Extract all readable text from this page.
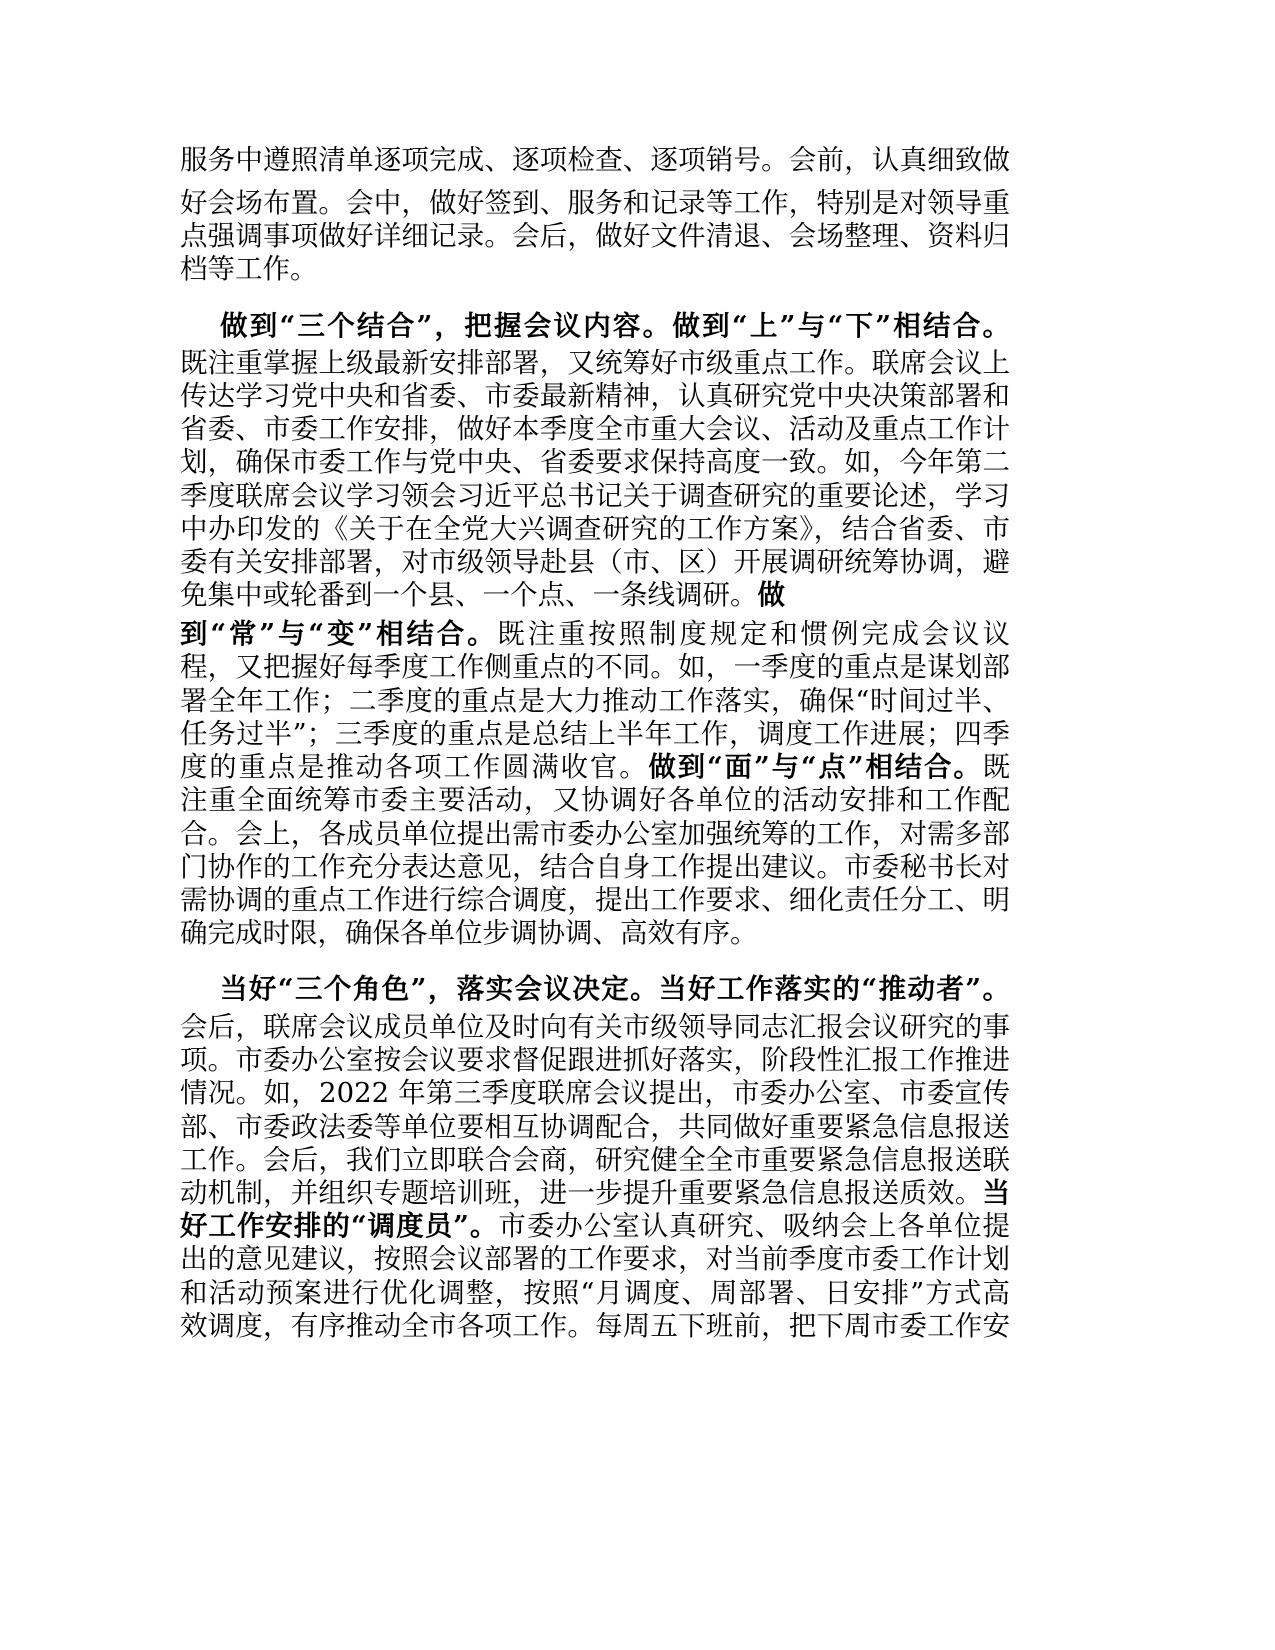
服务中遵照清单逐项完成、逐项检查、逐项销号。会前，认真细致做
好会场布置。会中，做好签到、服务和记录等工作，特别是对领导重
点强调事项做好详细记录。会后，做好文件清退、会场整理、资料归
档等工作。
做到“三个结合”，把握会议内容。做到“上”与“下”相结合。
既注重掌握上级最新安排部署，又统筹好市级重点工作。联席会议上
传达学习党中央和省委、市委最新精神，认真研究党中央决策部署和
省委、市委工作安排，做好本季度全市重大会议、活动及重点工作计
划，确保市委工作与党中央、省委要求保持高度一致。如，今年第二
季度联席会议学习领会习近平总书记关于调查研究的重要论述，学习
中办印发的《关于在全党大兴调查研究的工作方案》，结合省委、市
委有关安排部署，对市级领导赴县（市、区）开展调研统筹协调，避
免集中或轮番到一个县、一个点、一条线调研。做
到“常”与“变”相结合。既注重按照制度规定和惯例完成会议议
程，又把握好每季度工作侧重点的不同。如，一季度的重点是谋划部
署全年工作；二季度的重点是大力推动工作落实，确保“时间过半、
任务过半”；三季度的重点是总结上半年工作，调度工作进展；四季
度的重点是推动各项工作圆满收官。做到“面”与“点”相结合。既
注重全面统筹市委主要活动，又协调好各单位的活动安排和工作配
合。会上，各成员单位提出需市委办公室加强统筹的工作，对需多部
门协作的工作充分表达意见，结合自身工作提出建议。市委秘书长对
需协调的重点工作进行综合调度，提出工作要求、细化责任分工、明
确完成时限，确保各单位步调协调、高效有序。
当好“三个角色”，落实会议决定。当好工作落实的“推动者”。
会后，联席会议成员单位及时向有关市级领导同志汇报会议研究的事
项。市委办公室按会议要求督促跟进抓好落实，阶段性汇报工作推进
情况。如，2022 年第三季度联席会议提出，市委办公室、市委宣传
部、市委政法委等单位要相互协调配合，共同做好重要紧急信息报送
工作。会后，我们立即联合会商，研究健全全市重要紧急信息报送联
动机制，并组织专题培训班，进一步提升重要紧急信息报送质效。当
好工作安排的“调度员”。市委办公室认真研究、吸纳会上各单位提
出的意见建议，按照会议部署的工作要求，对当前季度市委工作计划
和活动预案进行优化调整，按照“月调度、周部署、日安排”方式高
效调度，有序推动全市各项工作。每周五下班前，把下周市委工作安
